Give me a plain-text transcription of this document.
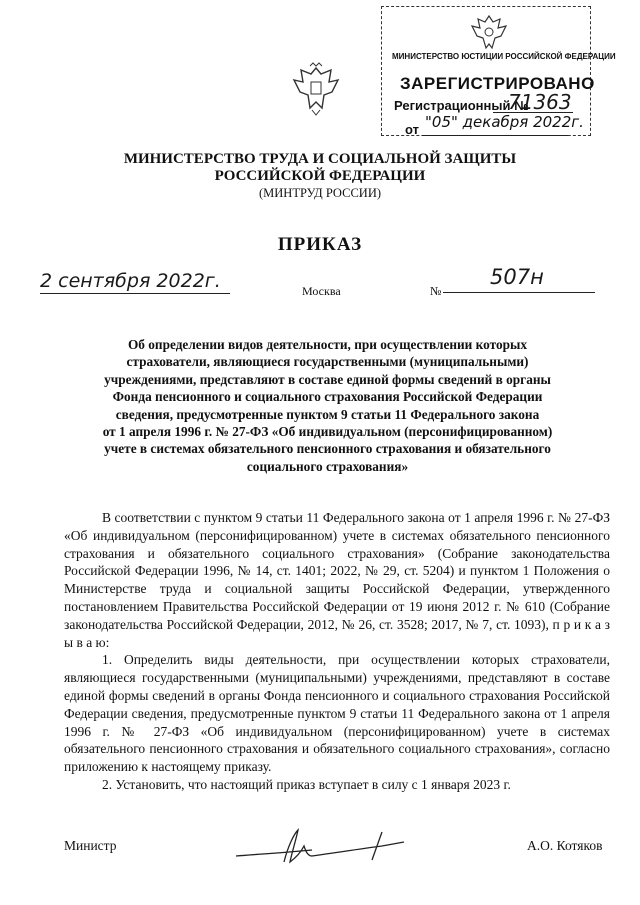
МИНИСТЕРСТВО ЮСТИЦИИ РОССИЙСКОЙ ФЕДЕРАЦИИ
ЗАРЕГИСТРИРОВАНО
Регистрационный №
71363
от "05" декабря 2022г.
МИНИСТЕРСТВО ТРУДА И СОЦИАЛЬНОЙ ЗАЩИТЫ
РОССИЙСКОЙ ФЕДЕРАЦИИ
(МИНТРУД РОССИИ)
ПРИКАЗ
2 сентября 2022г.	Москва	№
507н
Об определении видов деятельности, при осуществлении которых
страхователи, являющиеся государственными (муниципальными)
учреждениями, представляют в составе единой формы сведений в органы
Фонда пенсионного и социального страхования Российской Федерации
сведения, предусмотренные пунктом 9 статьи 11 Федерального закона
от 1 апреля 1996 г. № 27-ФЗ «Об индивидуальном (персонифицированном)
учете в системах обязательного пенсионного страхования и обязательного
социального страхования»

В соответствии с пунктом 9 статьи 11 Федерального закона от 1 апреля 1996 г. № 27-ФЗ «Об индивидуальном (персонифицированном) учете в системах обязательного пенсионного страхования и обязательного социального страхования» (Собрание законодательства Российской Федерации 1996, № 14, ст. 1401; 2022, № 29, ст. 5204) и пунктом 1 Положения о Министерстве труда и социальной защиты Российской Федерации, утвержденного постановлением Правительства Российской Федерации от 19 июня 2012 г. № 610 (Собрание законодательства Российской Федерации, 2012, № 26, ст. 3528; 2017, № 7, ст. 1093), п р и к а з ы в а ю:

1. Определить виды деятельности, при осуществлении которых страхователи, являющиеся государственными (муниципальными) учреждениями, представляют в составе единой формы сведений в органы Фонда пенсионного и социального страхования Российской Федерации сведения, предусмотренные пунктом 9 статьи 11 Федерального закона от 1 апреля 1996 г. № 27-ФЗ «Об индивидуальном (персонифицированном) учете в системах обязательного пенсионного страхования и обязательного социального страхования», согласно приложению к настоящему приказу.

2. Установить, что настоящий приказ вступает в силу с 1 января 2023 г.

Министр	А.О. Котяков
